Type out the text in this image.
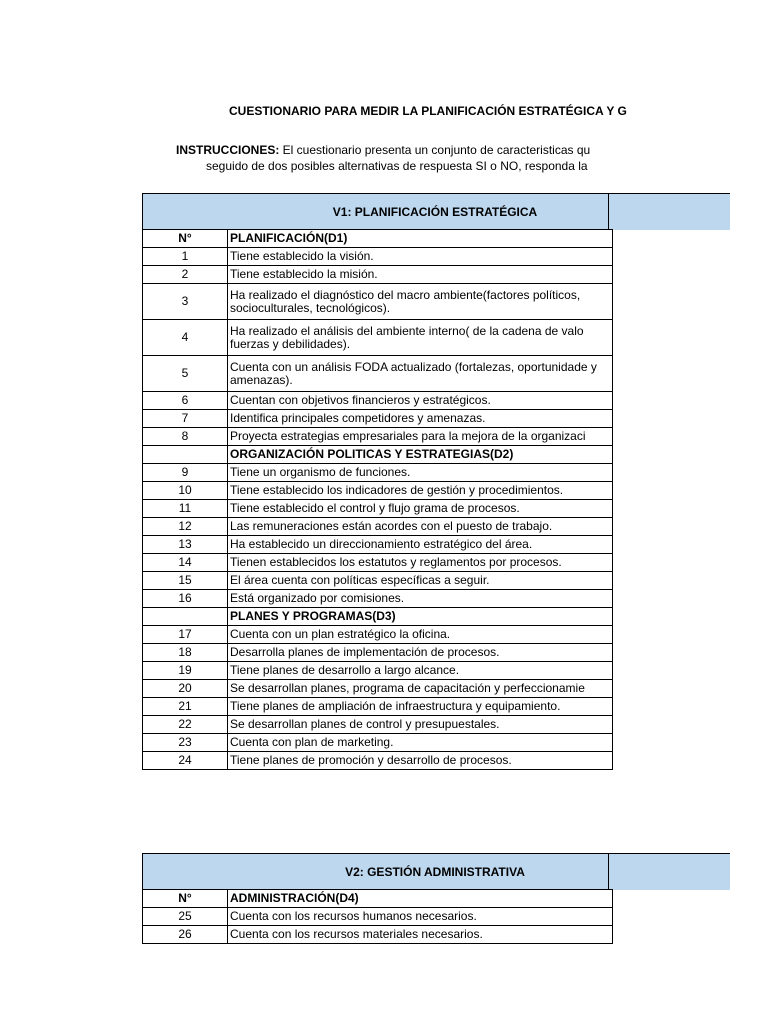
CUESTIONARIO PARA MEDIR LA PLANIFICACIÓN ESTRATÉGICA Y G
INSTRUCCIONES: El cuestionario presenta un conjunto de caracteristicas qu
seguido de dos posibles alternativas de respuesta SI o NO, responda la
V1: PLANIFICACIÓN ESTRATÉGICA
N°	PLANIFICACIÓN(D1)
1	Tiene establecido la visión.
2	Tiene establecido la misión.
3	Ha realizado el diagnóstico del macro ambiente(factores políticos, socioculturales, tecnológicos).
4	Ha realizado el análisis del ambiente interno( de la cadena de valo fuerzas y debilidades).
5	Cuenta con un análisis FODA actualizado (fortalezas, oportunidade y amenazas).
6	Cuentan con objetivos financieros y estratégicos.
7	Identifica principales competidores y amenazas.
8	Proyecta estrategias empresariales para la mejora de la organizaci
	ORGANIZACIÓN POLITICAS Y ESTRATEGIAS(D2)
9	Tiene un organismo de funciones.
10	Tiene establecido los indicadores de gestión y procedimientos.
11	Tiene establecido el control y flujo grama de procesos.
12	Las remuneraciones están acordes con el puesto de trabajo.
13	Ha establecido un direccionamiento estratégico del área.
14	Tienen establecidos los estatutos y reglamentos por procesos.
15	El área cuenta con políticas específicas a seguir.
16	Está organizado por comisiones.
	PLANES Y PROGRAMAS(D3)
17	Cuenta con un plan estratégico la oficina.
18	Desarrolla planes de implementación de procesos.
19	Tiene planes de desarrollo a largo alcance.
20	Se desarrollan planes, programa de capacitación y perfeccionamie
21	Tiene planes de ampliación de infraestructura y equipamiento.
22	Se desarrollan planes de control y presupuestales.
23	Cuenta con plan de marketing.
24	Tiene planes de promoción y desarrollo de procesos.
V2: GESTIÓN ADMINISTRATIVA
N°	ADMINISTRACIÓN(D4)
25	Cuenta con los recursos humanos necesarios.
26	Cuenta con los recursos materiales necesarios.
